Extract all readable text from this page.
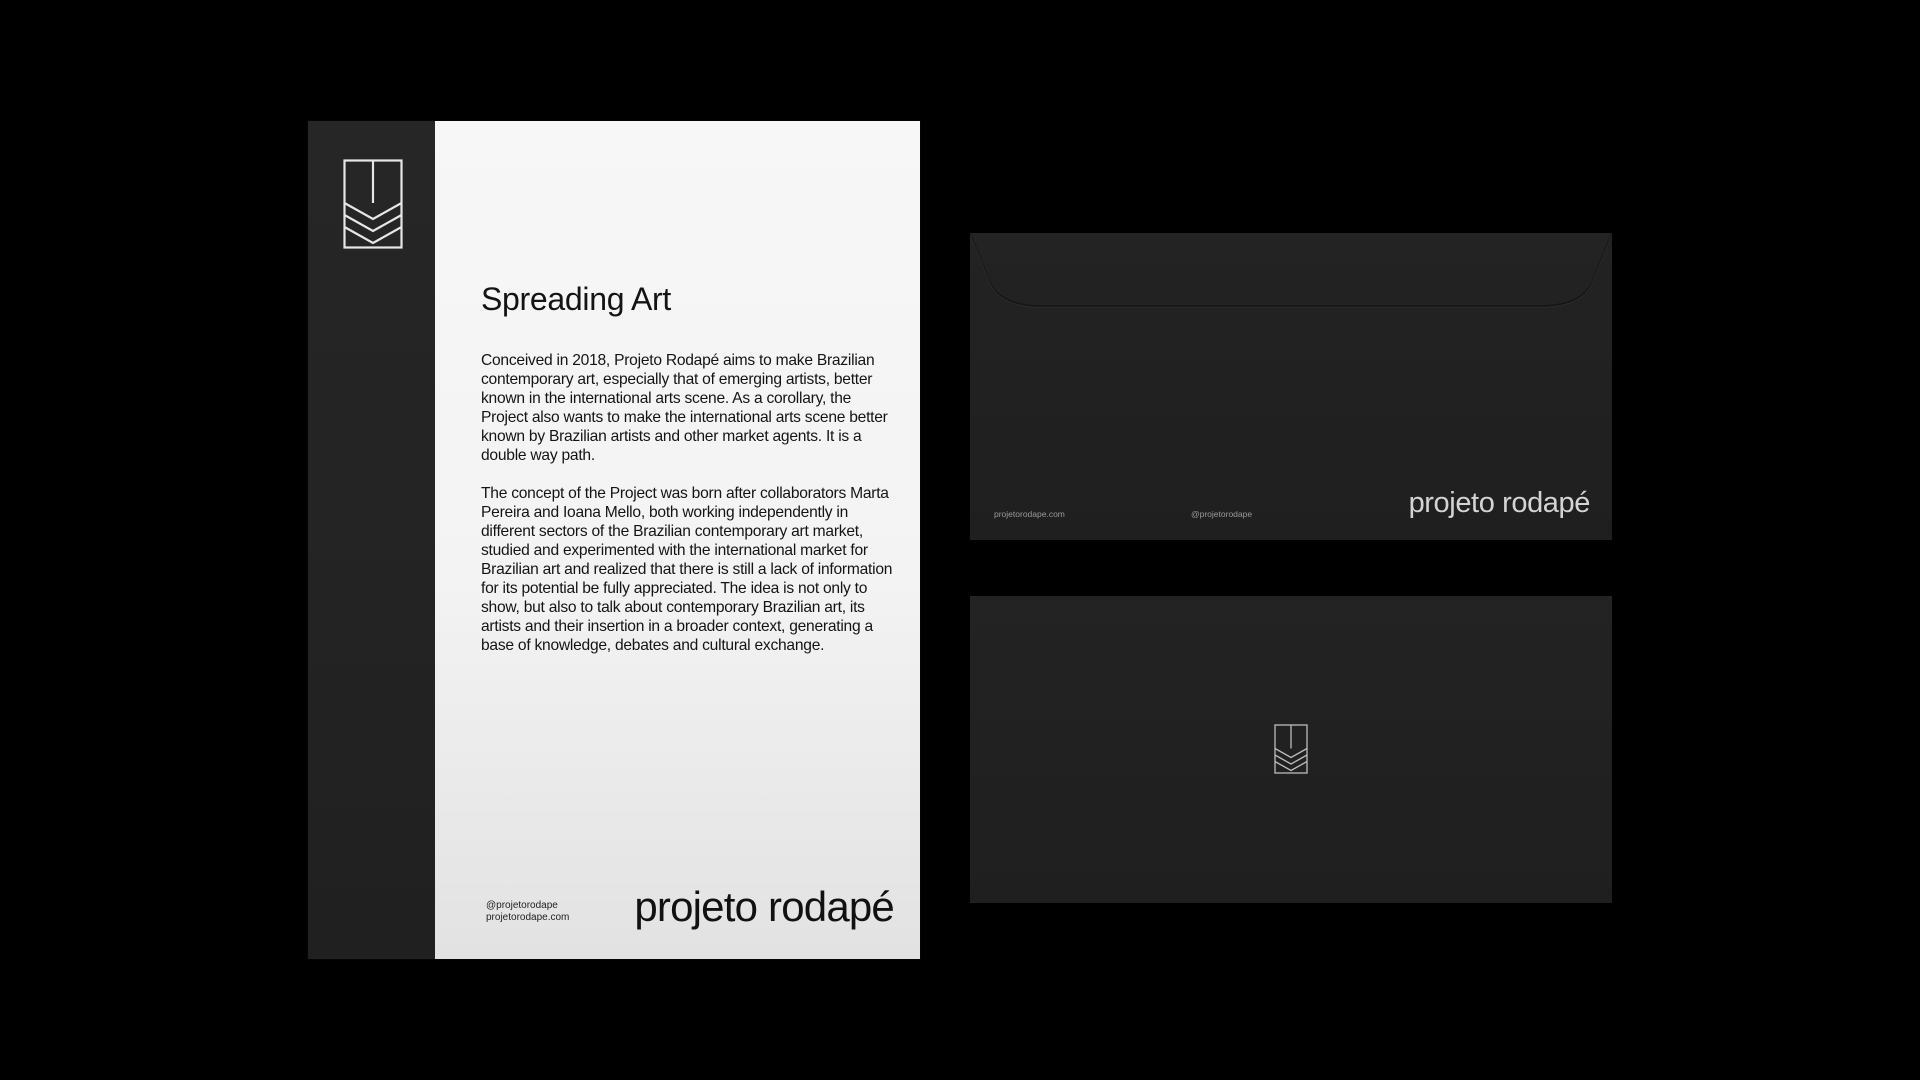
Spreading Art

Conceived in 2018, Projeto Rodapé aims to make Brazilian contemporary art, especially that of emerging artists, better known in the international arts scene. As a corollary, the Project also wants to make the international arts scene better known by Brazilian artists and other market agents. It is a double way path.

The concept of the Project was born after collaborators Marta Pereira and Ioana Mello, both working independently in different sectors of the Brazilian contemporary art market, studied and experimented with the international market for Brazilian art and realized that there is still a lack of information for its potential be fully appreciated. The idea is not only to show, but also to talk about contemporary Brazilian art, its artists and their insertion in a broader context, generating a base of knowledge, debates and cultural exchange.

@projetorodape
projetorodape.com projeto rodapé
projetorodape.com	@projetorodape	projeto rodapé
